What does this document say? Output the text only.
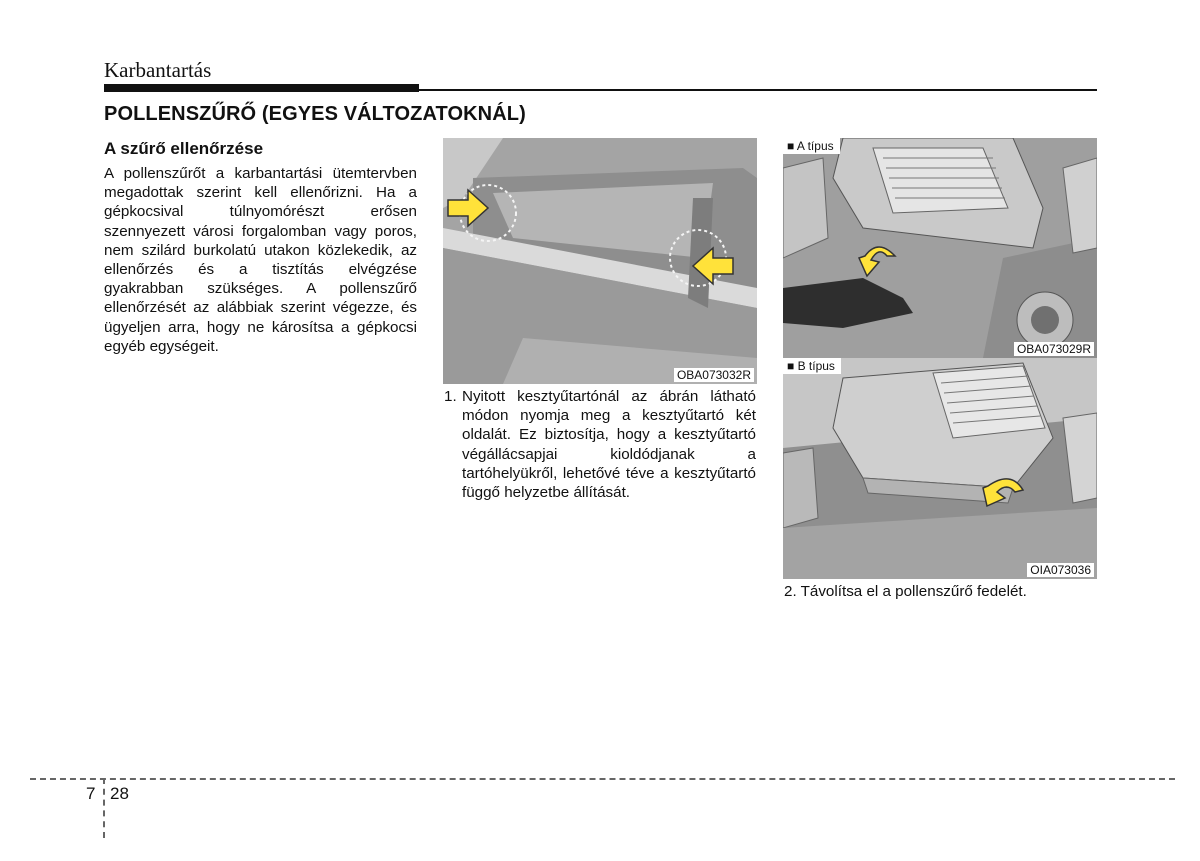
Karbantartás
POLLENSZŰRŐ (EGYES VÁLTOZATOKNÁL)
A szűrő ellenőrzése
A pollenszűrőt a karbantartási ütemtervben megadottak szerint kell ellenőrizni. Ha a gépkocsival túlnyomórészt erősen szennyezett városi forgalomban vagy poros, nem szilárd burkolatú utakon közlekedik, az ellenőrzés és a tisztítás elvégzése gyakrabban szükséges. A pollenszűrő ellenőrzését az alábbiak szerint végezze, és ügyeljen arra, hogy ne károsítsa a gépkocsi egyéb egységeit.
OBA073032R
■ A típus
OBA073029R
■ B típus
OIA073036
1. Nyitott kesztyűtartónál az ábrán látható módon nyomja meg a kesztyűtartó két oldalát. Ez biztosítja, hogy a kesztyűtartó végállácsapjai kioldódjanak a tartóhelyükről, lehetővé téve a kesztyűtartó függő helyzetbe állítását.
2. Távolítsa el a pollenszűrő fedelét.
7 28
